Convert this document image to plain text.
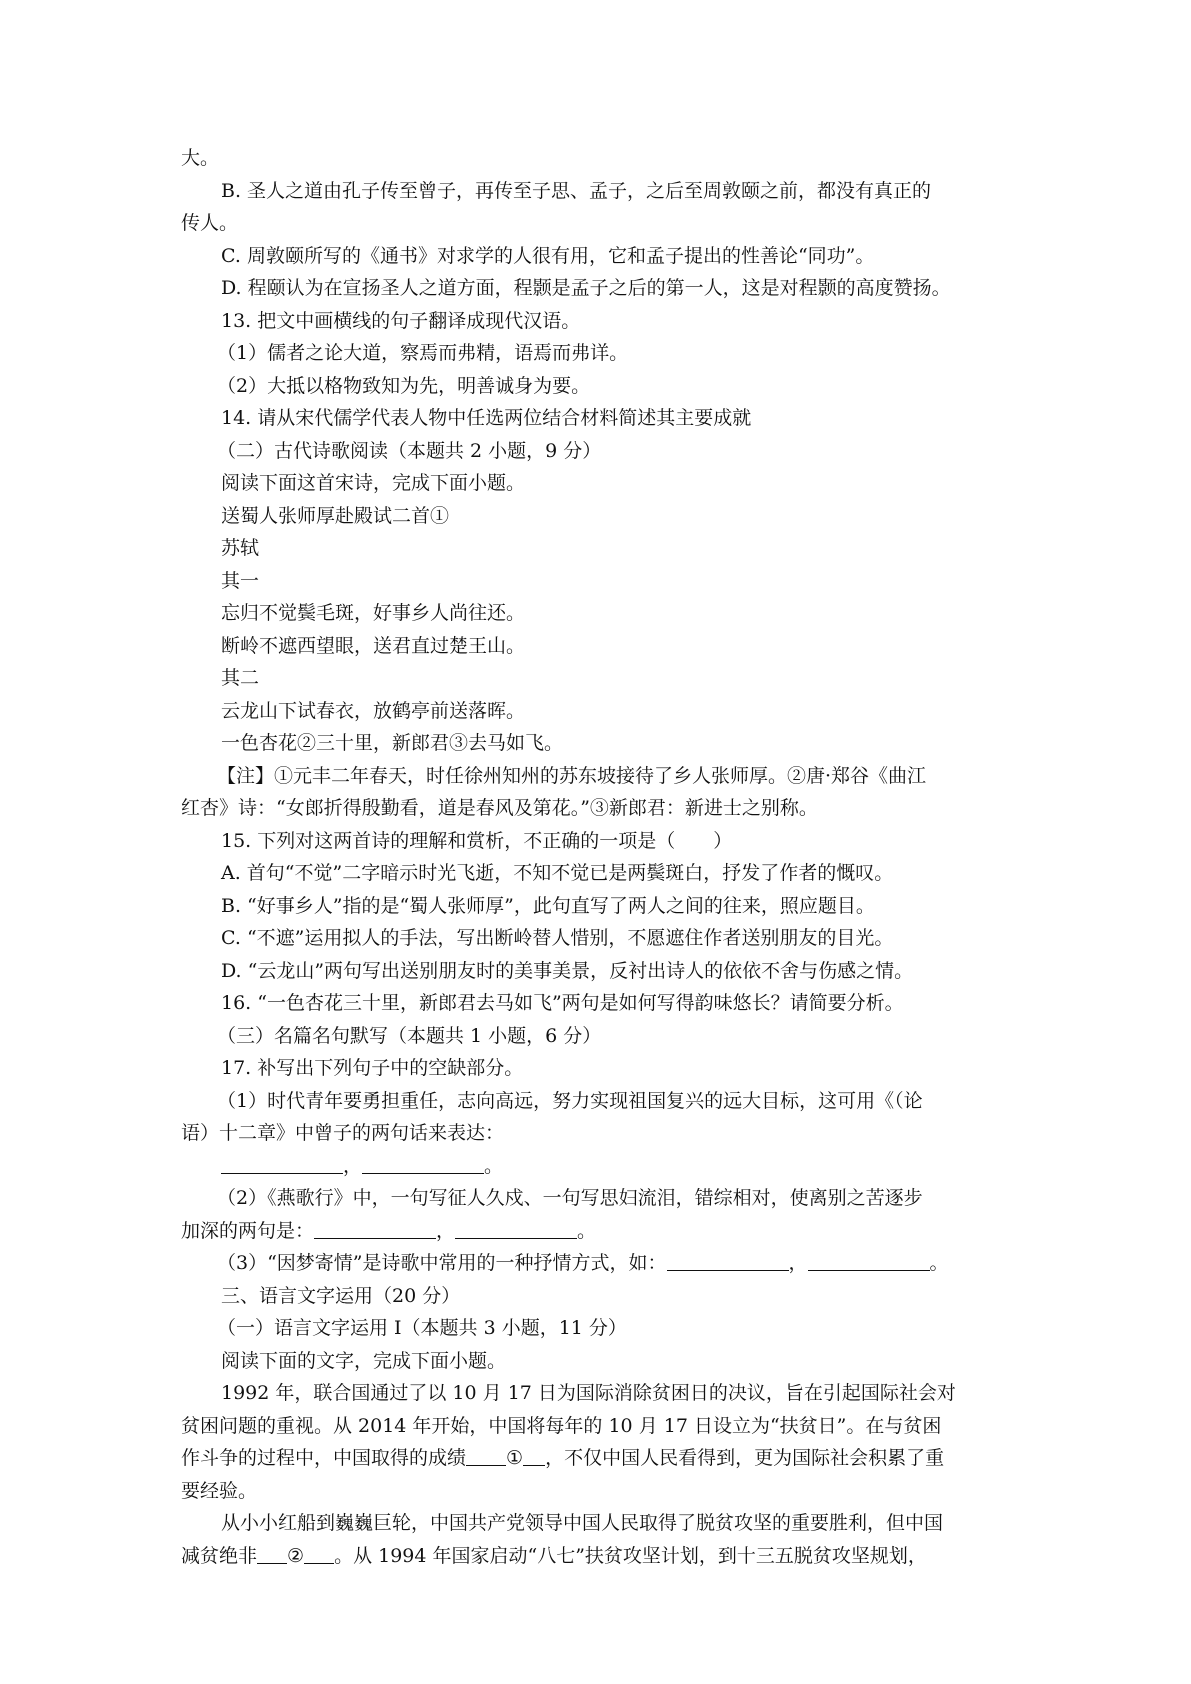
大。
B. 圣人之道由孔子传至曾子，再传至子思、孟子，之后至周敦颐之前，都没有真正的
传人。
C. 周敦颐所写的《通书》对求学的人很有用，它和孟子提出的性善论“同功”。
D. 程颐认为在宣扬圣人之道方面，程颢是孟子之后的第一人，这是对程颢的高度赞扬。
13. 把文中画横线的句子翻译成现代汉语。
（1）儒者之论大道，察焉而弗精，语焉而弗详。
（2）大抵以格物致知为先，明善诚身为要。
14. 请从宋代儒学代表人物中任选两位结合材料简述其主要成就
（二）古代诗歌阅读（本题共 2 小题，9 分）
阅读下面这首宋诗，完成下面小题。
送蜀人张师厚赴殿试二首①
苏轼
其一
忘归不觉鬓毛斑，好事乡人尚往还。
断岭不遮西望眼，送君直过楚王山。
其二
云龙山下试春衣，放鹤亭前送落晖。
一色杏花②三十里，新郎君③去马如飞。
【注】①元丰二年春天，时任徐州知州的苏东坡接待了乡人张师厚。②唐·郑谷《曲江
红杏》诗：“女郎折得殷勤看，道是春风及第花。”③新郎君：新进士之别称。
15. 下列对这两首诗的理解和赏析，不正确的一项是（　　）
A. 首句“不觉”二字暗示时光飞逝，不知不觉已是两鬓斑白，抒发了作者的慨叹。
B. “好事乡人”指的是“蜀人张师厚”，此句直写了两人之间的往来，照应题目。
C. “不遮”运用拟人的手法，写出断岭替人惜别，不愿遮住作者送别朋友的目光。
D. “云龙山”两句写出送别朋友时的美事美景，反衬出诗人的依依不舍与伤感之情。
16. “一色杏花三十里，新郎君去马如飞”两句是如何写得韵味悠长？请简要分析。
（三）名篇名句默写（本题共 1 小题，6 分）
17. 补写出下列句子中的空缺部分。
（1）时代青年要勇担重任，志向高远，努力实现祖国复兴的远大目标，这可用《（论
语）十二章》中曾子的两句话来表达：
，	。
（2）《燕歌行》中，一句写征人久戍、一句写思妇流泪，错综相对，使离别之苦逐步
加深的两句是：	，	。
（3）“因梦寄情”是诗歌中常用的一种抒情方式，如：	，	。
三、语言文字运用（20 分）
（一）语言文字运用 I（本题共 3 小题，11 分）
阅读下面的文字，完成下面小题。
1992 年，联合国通过了以 10 月 17 日为国际消除贫困日的决议，旨在引起国际社会对
贫困问题的重视。从 2014 年开始，中国将每年的 10 月 17 日设立为“扶贫日”。在与贫困
作斗争的过程中，中国取得的成绩 ① ，不仅中国人民看得到，更为国际社会积累了重
要经验。
从小小红船到巍巍巨轮，中国共产党领导中国人民取得了脱贫攻坚的重要胜利，但中国
减贫绝非 ② 。从 1994 年国家启动“八七”扶贫攻坚计划，到十三五脱贫攻坚规划，
